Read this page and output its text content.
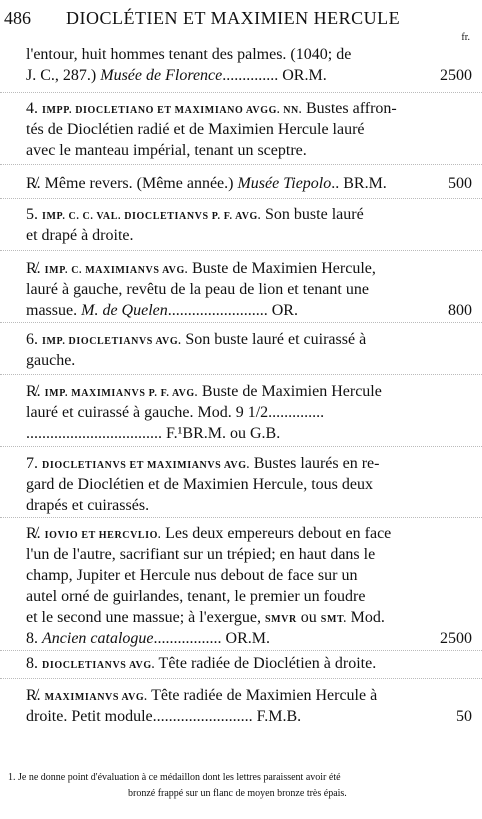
486 DIOCLÉTIEN ET MAXIMIEN HERCULE
fr.
l'entour, huit hommes tenant des palmes. (1040; de
J. C., 287.) Musée de Florence.............. OR.M.	2500
4. IMPP. DIOCLETIANO ET MAXIMIANO AVGG. NN. Bustes affron-
tés de Dioclétien radié et de Maximien Hercule lauré
avec le manteau impérial, tenant un sceptre.
R̸. Même revers. (Même année.) Musée Tiepolo.. BR.M.	500
5. IMP. C. C. VAL. DIOCLETIANVS P. F. AVG. Son buste lauré
et drapé à droite.
R̸. IMP. C. MAXIMIANVS AVG. Buste de Maximien Hercule,
lauré à gauche, revêtu de la peau de lion et tenant une
massue. M. de Quelen......................... OR.	800
6. IMP. DIOCLETIANVS AVG. Son buste lauré et cuirassé à
gauche.
R̸. IMP. MAXIMIANVS P. F. AVG. Buste de Maximien Hercule
lauré et cuirassé à gauche. Mod. 9 1/2..............
.................................. F.¹BR.M. ou G.B.
7. DIOCLETIANVS ET MAXIMIANVS AVG. Bustes laurés en re-
gard de Dioclétien et de Maximien Hercule, tous deux
drapés et cuirassés.
R̸. IOVIO ET HERCVLIO. Les deux empereurs debout en face
l'un de l'autre, sacrifiant sur un trépied; en haut dans le
champ, Jupiter et Hercule nus debout de face sur un
autel orné de guirlandes, tenant, le premier un foudre
et le second une massue; à l'exergue, SMVR ou SMT. Mod.
8. Ancien catalogue................. OR.M.	2500
8. DIOCLETIANVS AVG. Tête radiée de Dioclétien à droite.
R̸. MAXIMIANVS AVG. Tête radiée de Maximien Hercule à
droite. Petit module......................... F.M.B.	50
1. Je ne donne point d'évaluation à ce médaillon dont les lettres paraissent avoir été
bronzé frappé sur un flanc de moyen bronze très épais.
